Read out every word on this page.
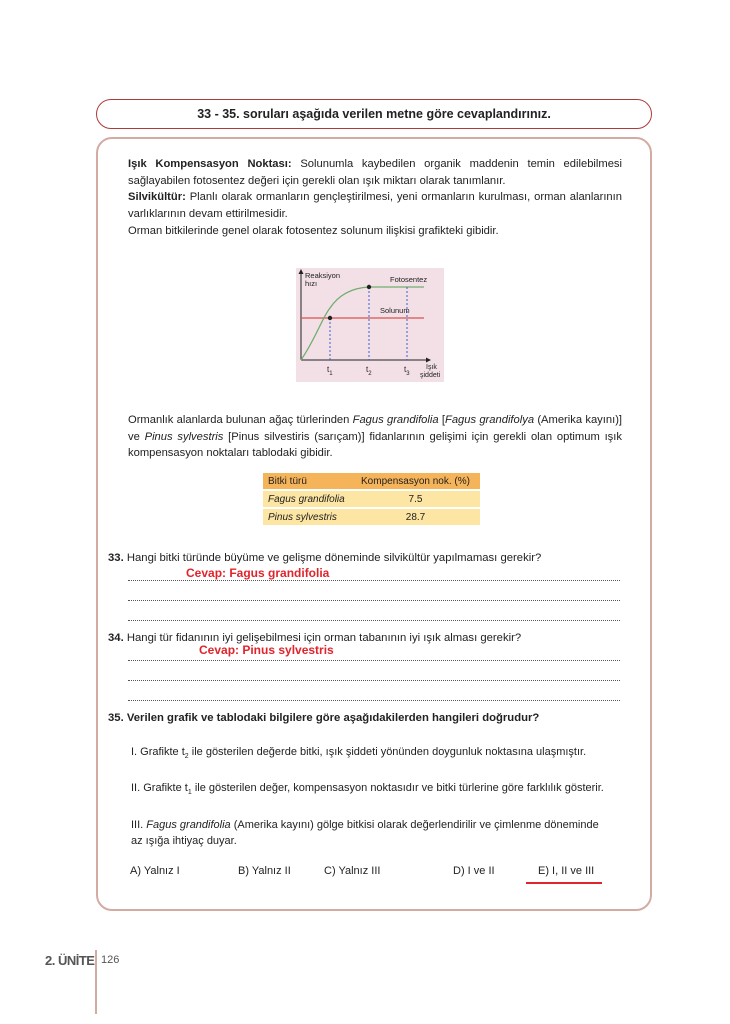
33 - 35. soruları aşağıda verilen metne göre cevaplandırınız.
Işık Kompensasyon Noktası: Solunumla kaybedilen organik maddenin temin edilebilmesi sağlayabilen fotosentez değeri için gerekli olan ışık miktarı olarak tanımlanır.
Silvikültür: Planlı olarak ormanların gençleştirilmesi, yeni ormanların kurulması, orman alanlarının varlıklarının devam ettirilmesidir.
Orman bitkilerinde genel olarak fotosentez solunum ilişkisi grafikteki gibidir.
Reaksiyon
hızı	Fotosentez
Solunum
Işık
şiddeti
$t_1$	$t_2$	$t_3$
Ormanlık alanlarda bulunan ağaç türlerinden Fagus grandifolia [Fagus grandifolya (Amerika kayını)] ve Pinus sylvestris [Pinus silvestiris (sarıçam)] fidanlarının gelişimi için gerekli olan optimum ışık kompensasyon noktaları tablodaki gibidir.
Bitki türü	Kompensasyon nok. (%)
Fagus grandifolia	7.5
Pinus sylvestris	28.7
33. Hangi bitki türünde büyüme ve gelişme döneminde silvikültür yapılmaması gerekir?
Cevap: Fagus grandifolia
34. Hangi tür fidanının iyi gelişebilmesi için orman tabanının iyi ışık alması gerekir?
Cevap: Pinus sylvestris
35. Verilen grafik ve tablodaki bilgilere göre aşağıdakilerden hangileri doğrudur?
I. Grafikte $t_2$ ile gösterilen değerde bitki, ışık şiddeti yönünden doygunluk noktasına ulaşmıştır.
II. Grafikte $t_1$ ile gösterilen değer, kompensasyon noktasıdır ve bitki türlerine göre farklılık gösterir.
III. Fagus grandifolia (Amerika kayını) gölge bitkisi olarak değerlendirilir ve çimlenme döneminde az ışığa ihtiyaç duyar.
A) Yalnız I	B) Yalnız II	C) Yalnız III	D) I ve II	E) I, II ve III
2. ÜNİTE 126
